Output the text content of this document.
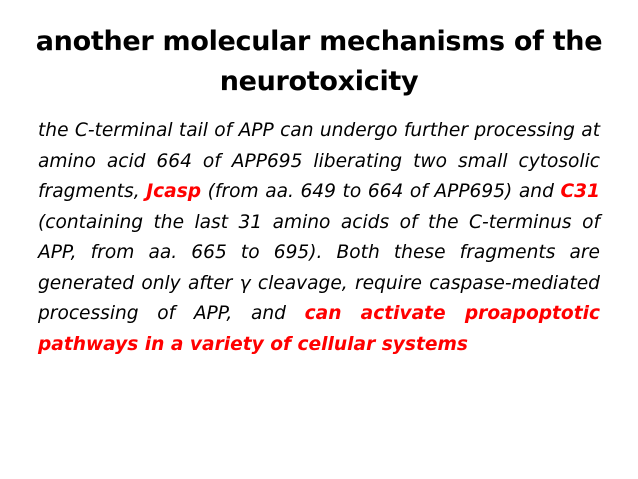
another molecular mechanisms of the
neurotoxicity

the C-terminal tail of APP can undergo further processing at amino acid 664 of APP695 liberating two small cytosolic fragments, Jcasp (from aa. 649 to 664 of APP695) and C31 (containing the last 31 amino acids of the C-terminus of APP, from aa. 665 to 695). Both these fragments are generated only after γ cleavage, require caspase-mediated processing of APP, and can activate proapoptotic pathways in a variety of cellular systems
